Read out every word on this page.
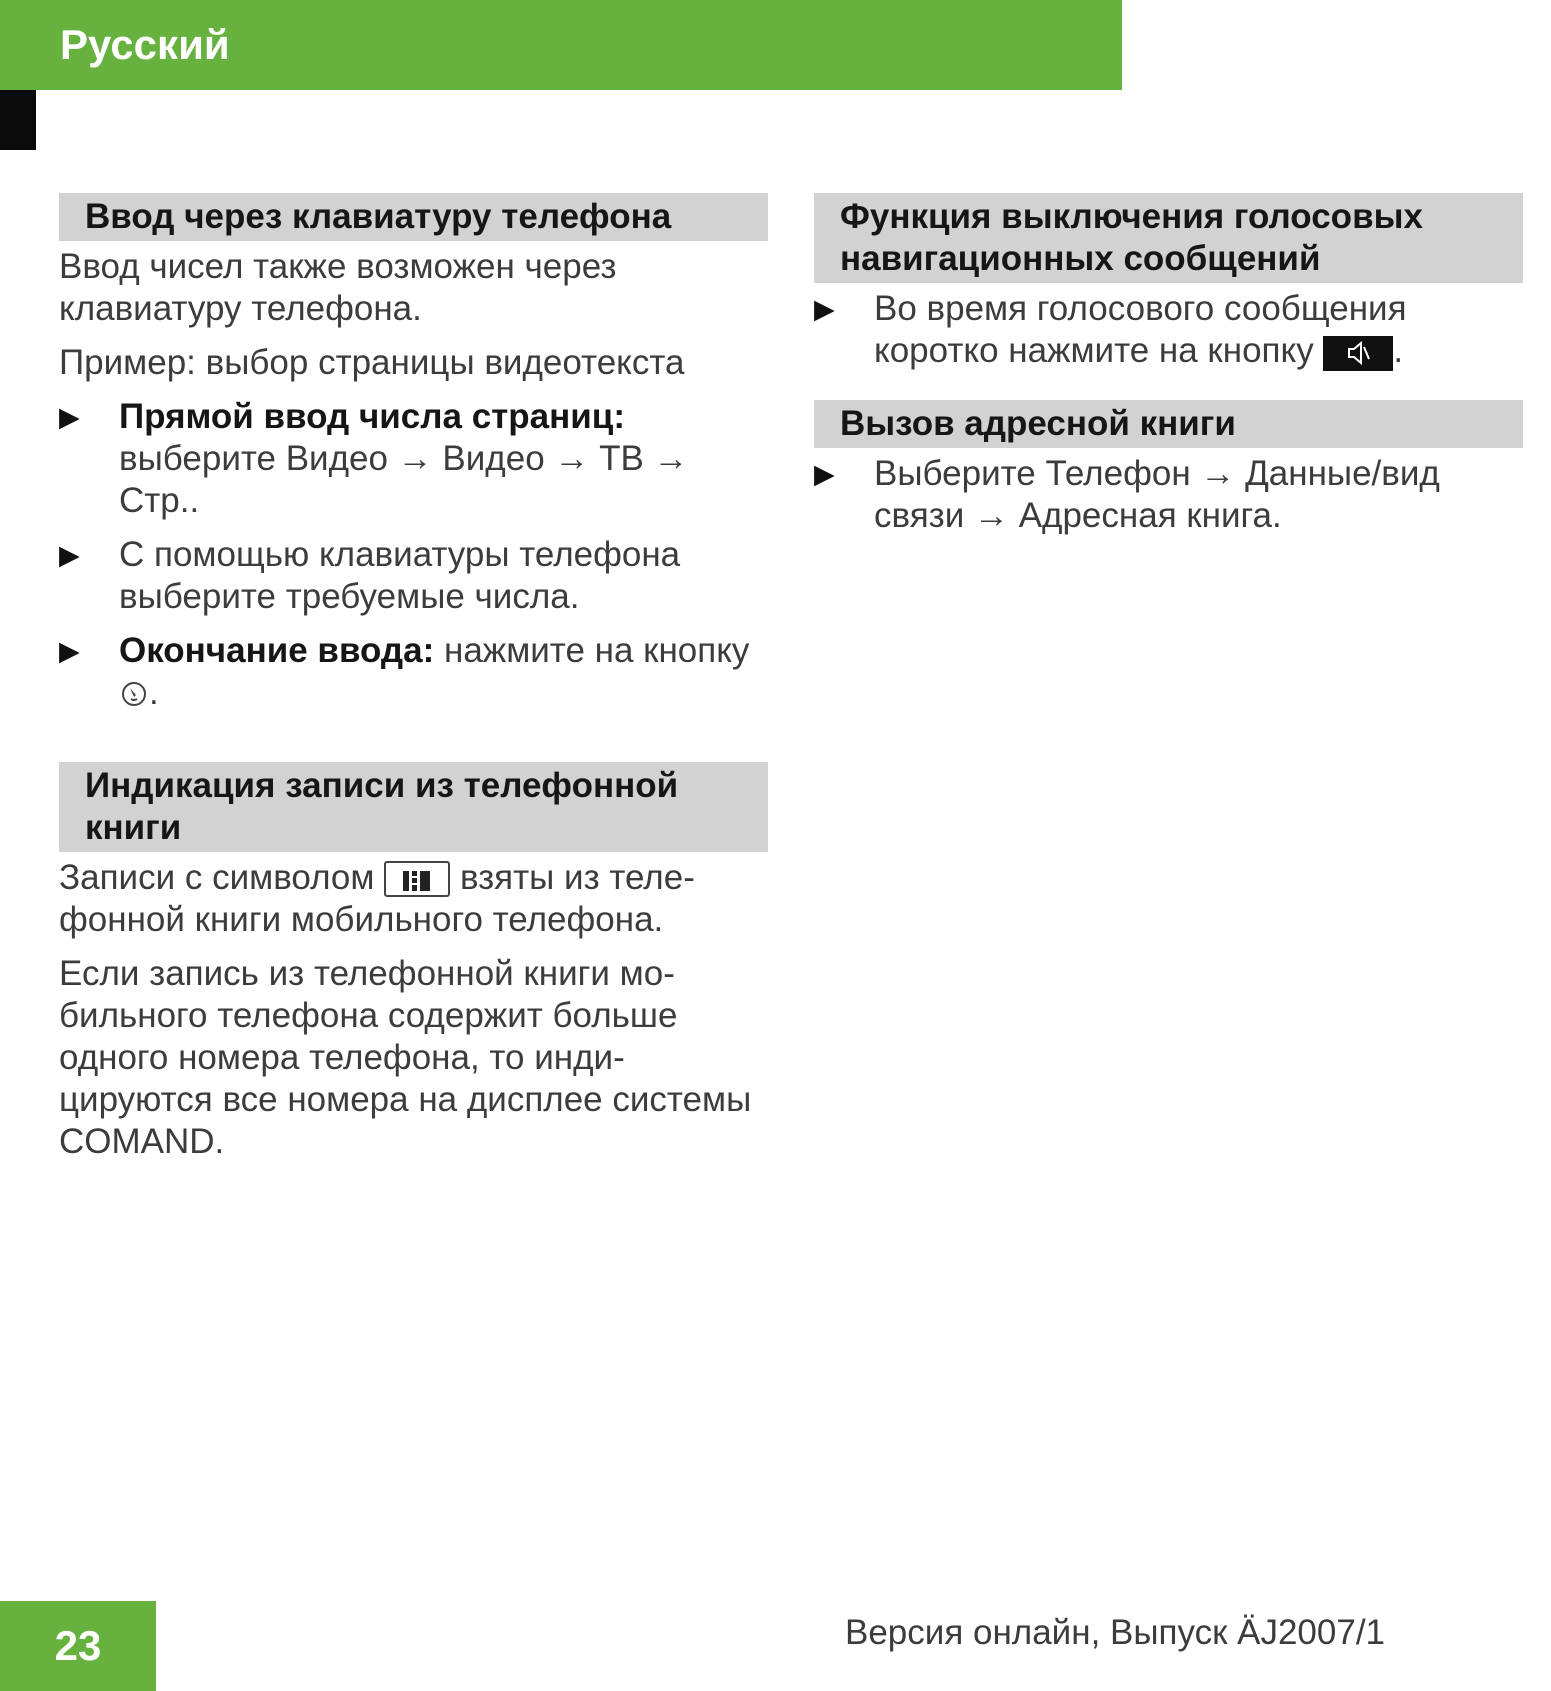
Русский
Ввод через клавиатуру телефона

Ввод чисел также возможен через клавиатуру телефона.

Пример: выбор страницы видеотекста

▶	Прямой ввод числа страниц:
выберите Видео → Видео → ТВ → Стр..
▶	С помощью клавиатуры телефона выберите требуемые числа.
▶	Окончание ввода: нажмите на кнопку .
Индикация записи из телефонной книги

Записи с символом взяты из теле-фонной книги мобильного телефона.

Если запись из телефонной книги мо-бильного телефона содержит больше одного номера телефона, то инди-цируются все номера на дисплее системы COMAND.

Функция выключения голосовых навигационных сообщений
▶	Во время голосового сообщения коротко нажмите на кнопку .
Вызов адресной книги
▶	Выберите Телефон → Данные/вид связи → Адресная книга.
23	Версия онлайн, Выпуск ÄJ2007/1
